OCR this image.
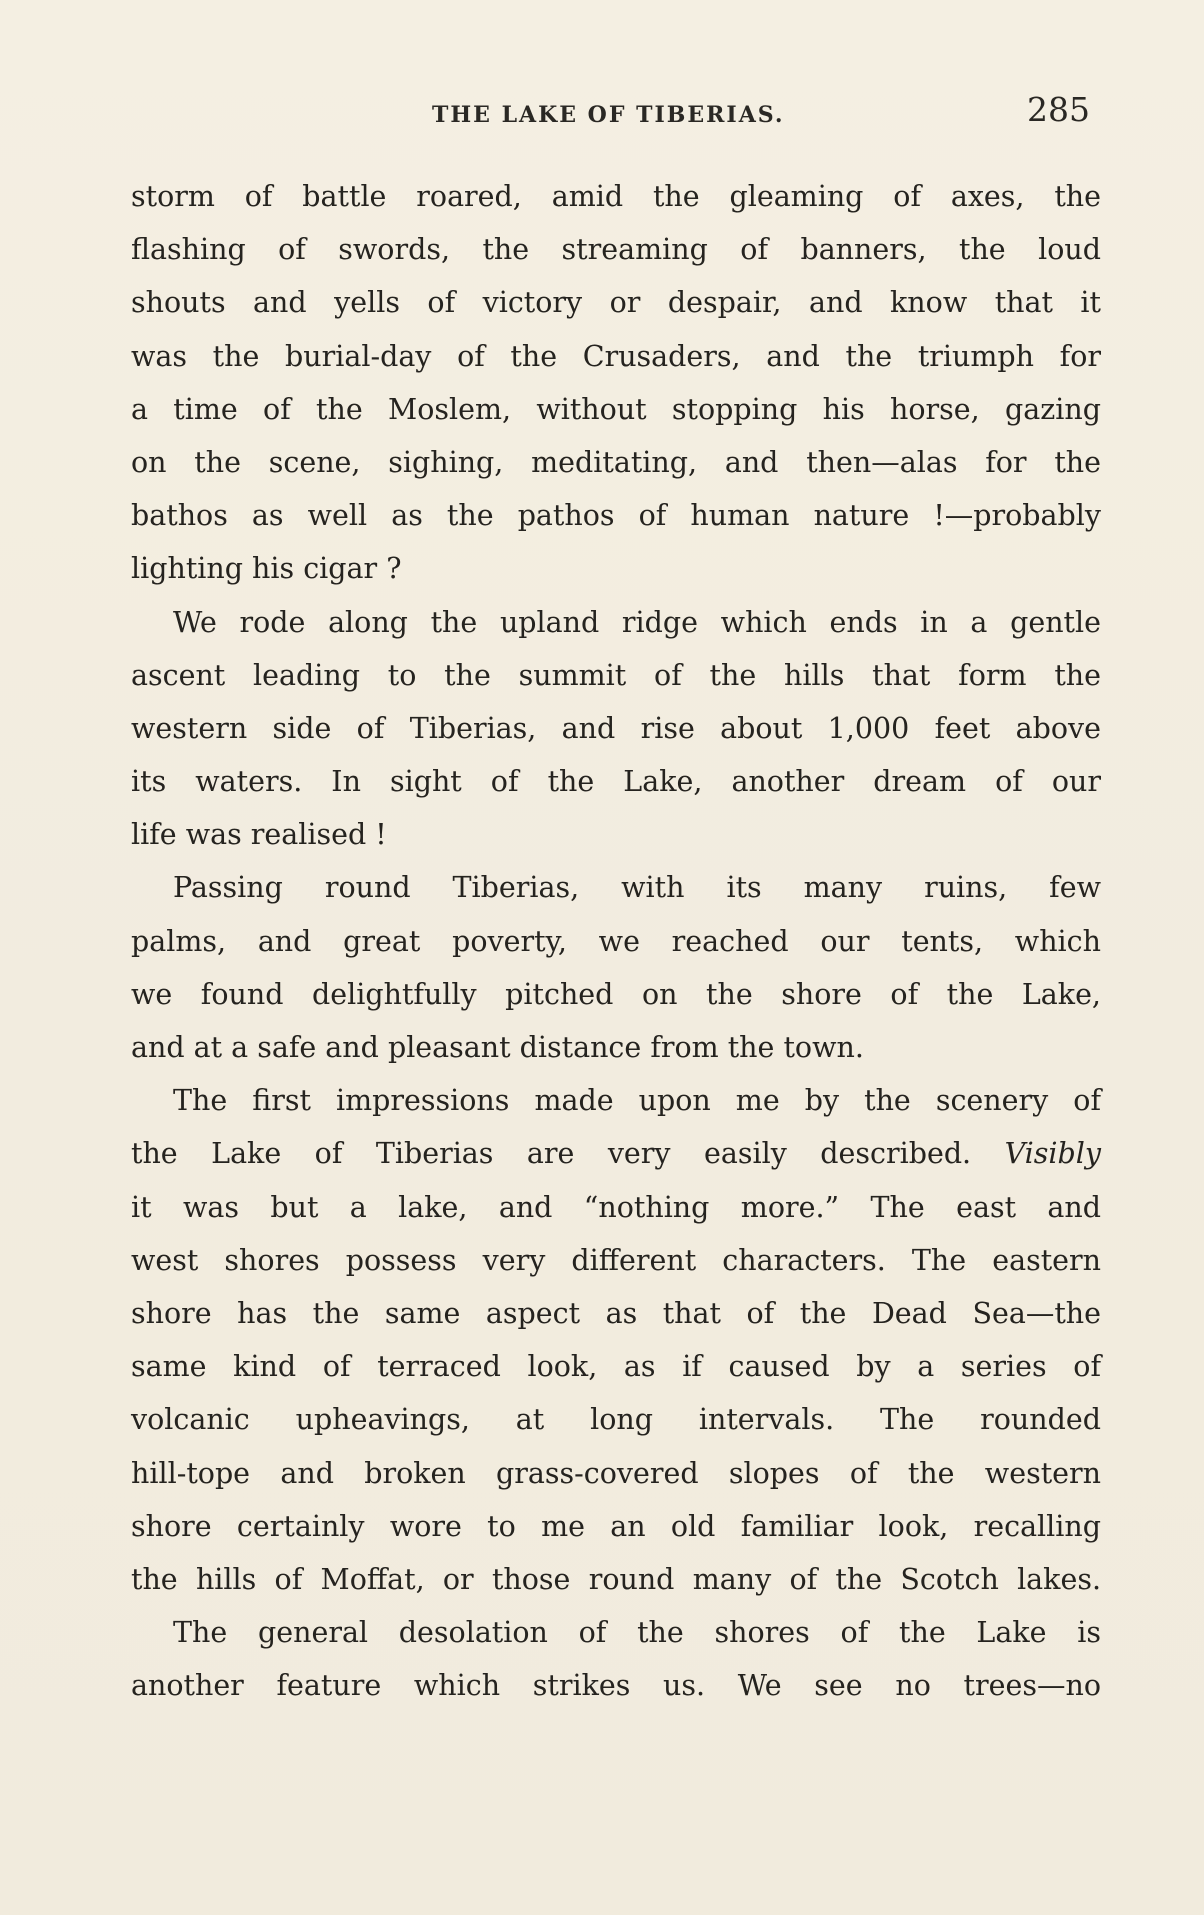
THE LAKE OF TIBERIAS.	285
storm of battle roared, amid the gleaming of axes, the
flashing of swords, the streaming of banners, the loud
shouts and yells of victory or despair, and know that it
was the burial-day of the Crusaders, and the triumph for
a time of the Moslem, without stopping his horse, gazing
on the scene, sighing, meditating, and then—alas for the
bathos as well as the pathos of human nature !—probably
lighting his cigar ?
We rode along the upland ridge which ends in a gentle
ascent leading to the summit of the hills that form the
western side of Tiberias, and rise about 1,000 feet above
its waters. In sight of the Lake, another dream of our
life was realised !
Passing round Tiberias, with its many ruins, few
palms, and great poverty, we reached our tents, which
we found delightfully pitched on the shore of the Lake,
and at a safe and pleasant distance from the town.
The first impressions made upon me by the scenery of
the Lake of Tiberias are very easily described. Visibly
it was but a lake, and “nothing more.” The east and
west shores possess very different characters. The eastern
shore has the same aspect as that of the Dead Sea—the
same kind of terraced look, as if caused by a series of
volcanic upheavings, at long intervals. The rounded
hill-tope and broken grass-covered slopes of the western
shore certainly wore to me an old familiar look, recalling
the hills of Moffat, or those round many of the Scotch lakes.
The general desolation of the shores of the Lake is
another feature which strikes us. We see no trees—no
